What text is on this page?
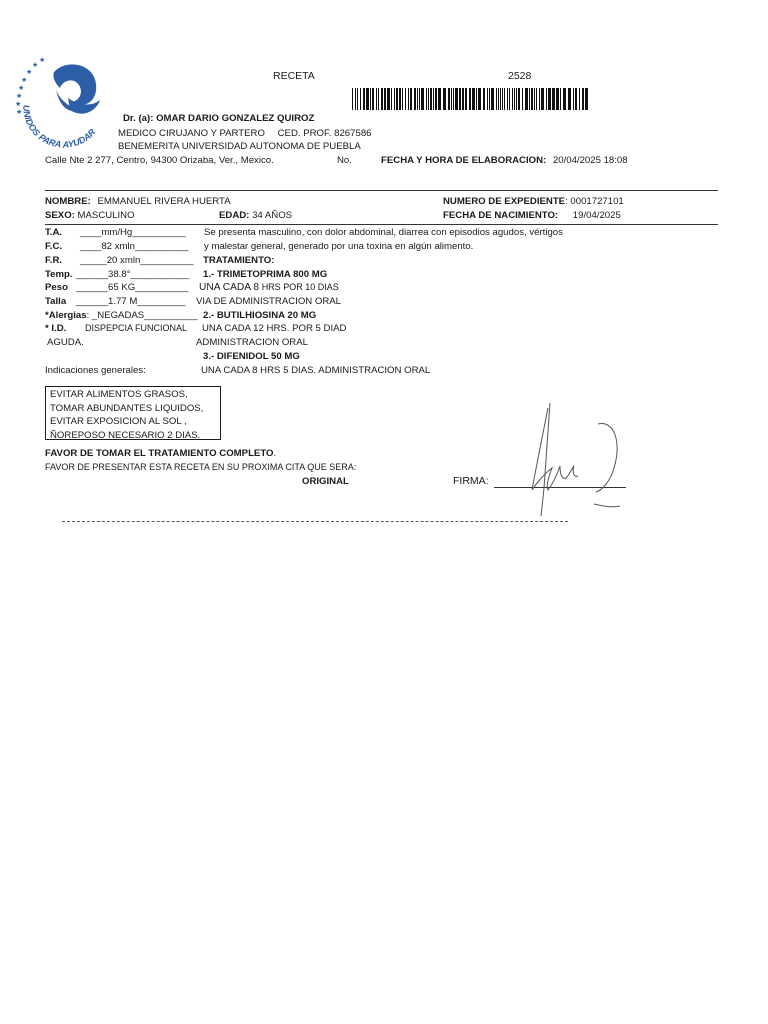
★
★
★
★
★
★
★
★
UNIDOS PARA AYUDAR
RECETA	2528
Dr. (a): OMAR DARIO GONZALEZ QUIROZ
MEDICO CIRUJANO Y PARTERO CED. PROF. 8267586
BENEMERITA UNIVERSIDAD AUTONOMA DE PUEBLA
Calle Nte 2 277, Centro, 94300 Orizaba, Ver., Mexico.	No.	FECHA Y HORA DE ELABORACION: 20/04/2025 18:08
NOMBRE: EMMANUEL RIVERA HUERTA	NUMERO DE EXPEDIENTE: 0001727101
SEXO: MASCULINO	EDAD: 34 AÑOS	FECHA DE NACIMIENTO: 19/04/2025
T.A. ____mm/Hg__________
F.C. ____82 xmln__________
F.R. _____20 xmln__________
Temp. ______38.8°___________
Peso ______65 KG__________
Talla ______1.77 M_________
*Alergias: _NEGADAS__________
* I.D. DISPEPCIA FUNCIONAL
AGUDA.
Se presenta masculino, con dolor abdominal, diarrea con episodios agudos, vértigos
y malestar general, generado por una toxina en algún alimento.
TRATAMIENTO:
1.- TRIMETOPRIMA 800 MG
UNA CADA 8 HRS POR 10 DIAS
VIA DE ADMINISTRACION ORAL
2.- BUTILHIOSINA 20 MG
UNA CADA 12 HRS. POR 5 DIAD
ADMINISTRACION ORAL
3.- DIFENIDOL 50 MG
UNA CADA 8 HRS 5 DIAS. ADMINISTRACION ORAL
Indicaciones generales:
EVITAR ALIMENTOS GRASOS,
TOMAR ABUNDANTES LIQUIDOS,
EVITAR EXPOSICION AL SOL ,
ÑOREPOSO NECESARIO 2 DIAS.
FAVOR DE TOMAR EL TRATAMIENTO COMPLETO.
FAVOR DE PRESENTAR ESTA RECETA EN SU PROXIMA CITA QUE SERA:
ORIGINAL	FIRMA:
